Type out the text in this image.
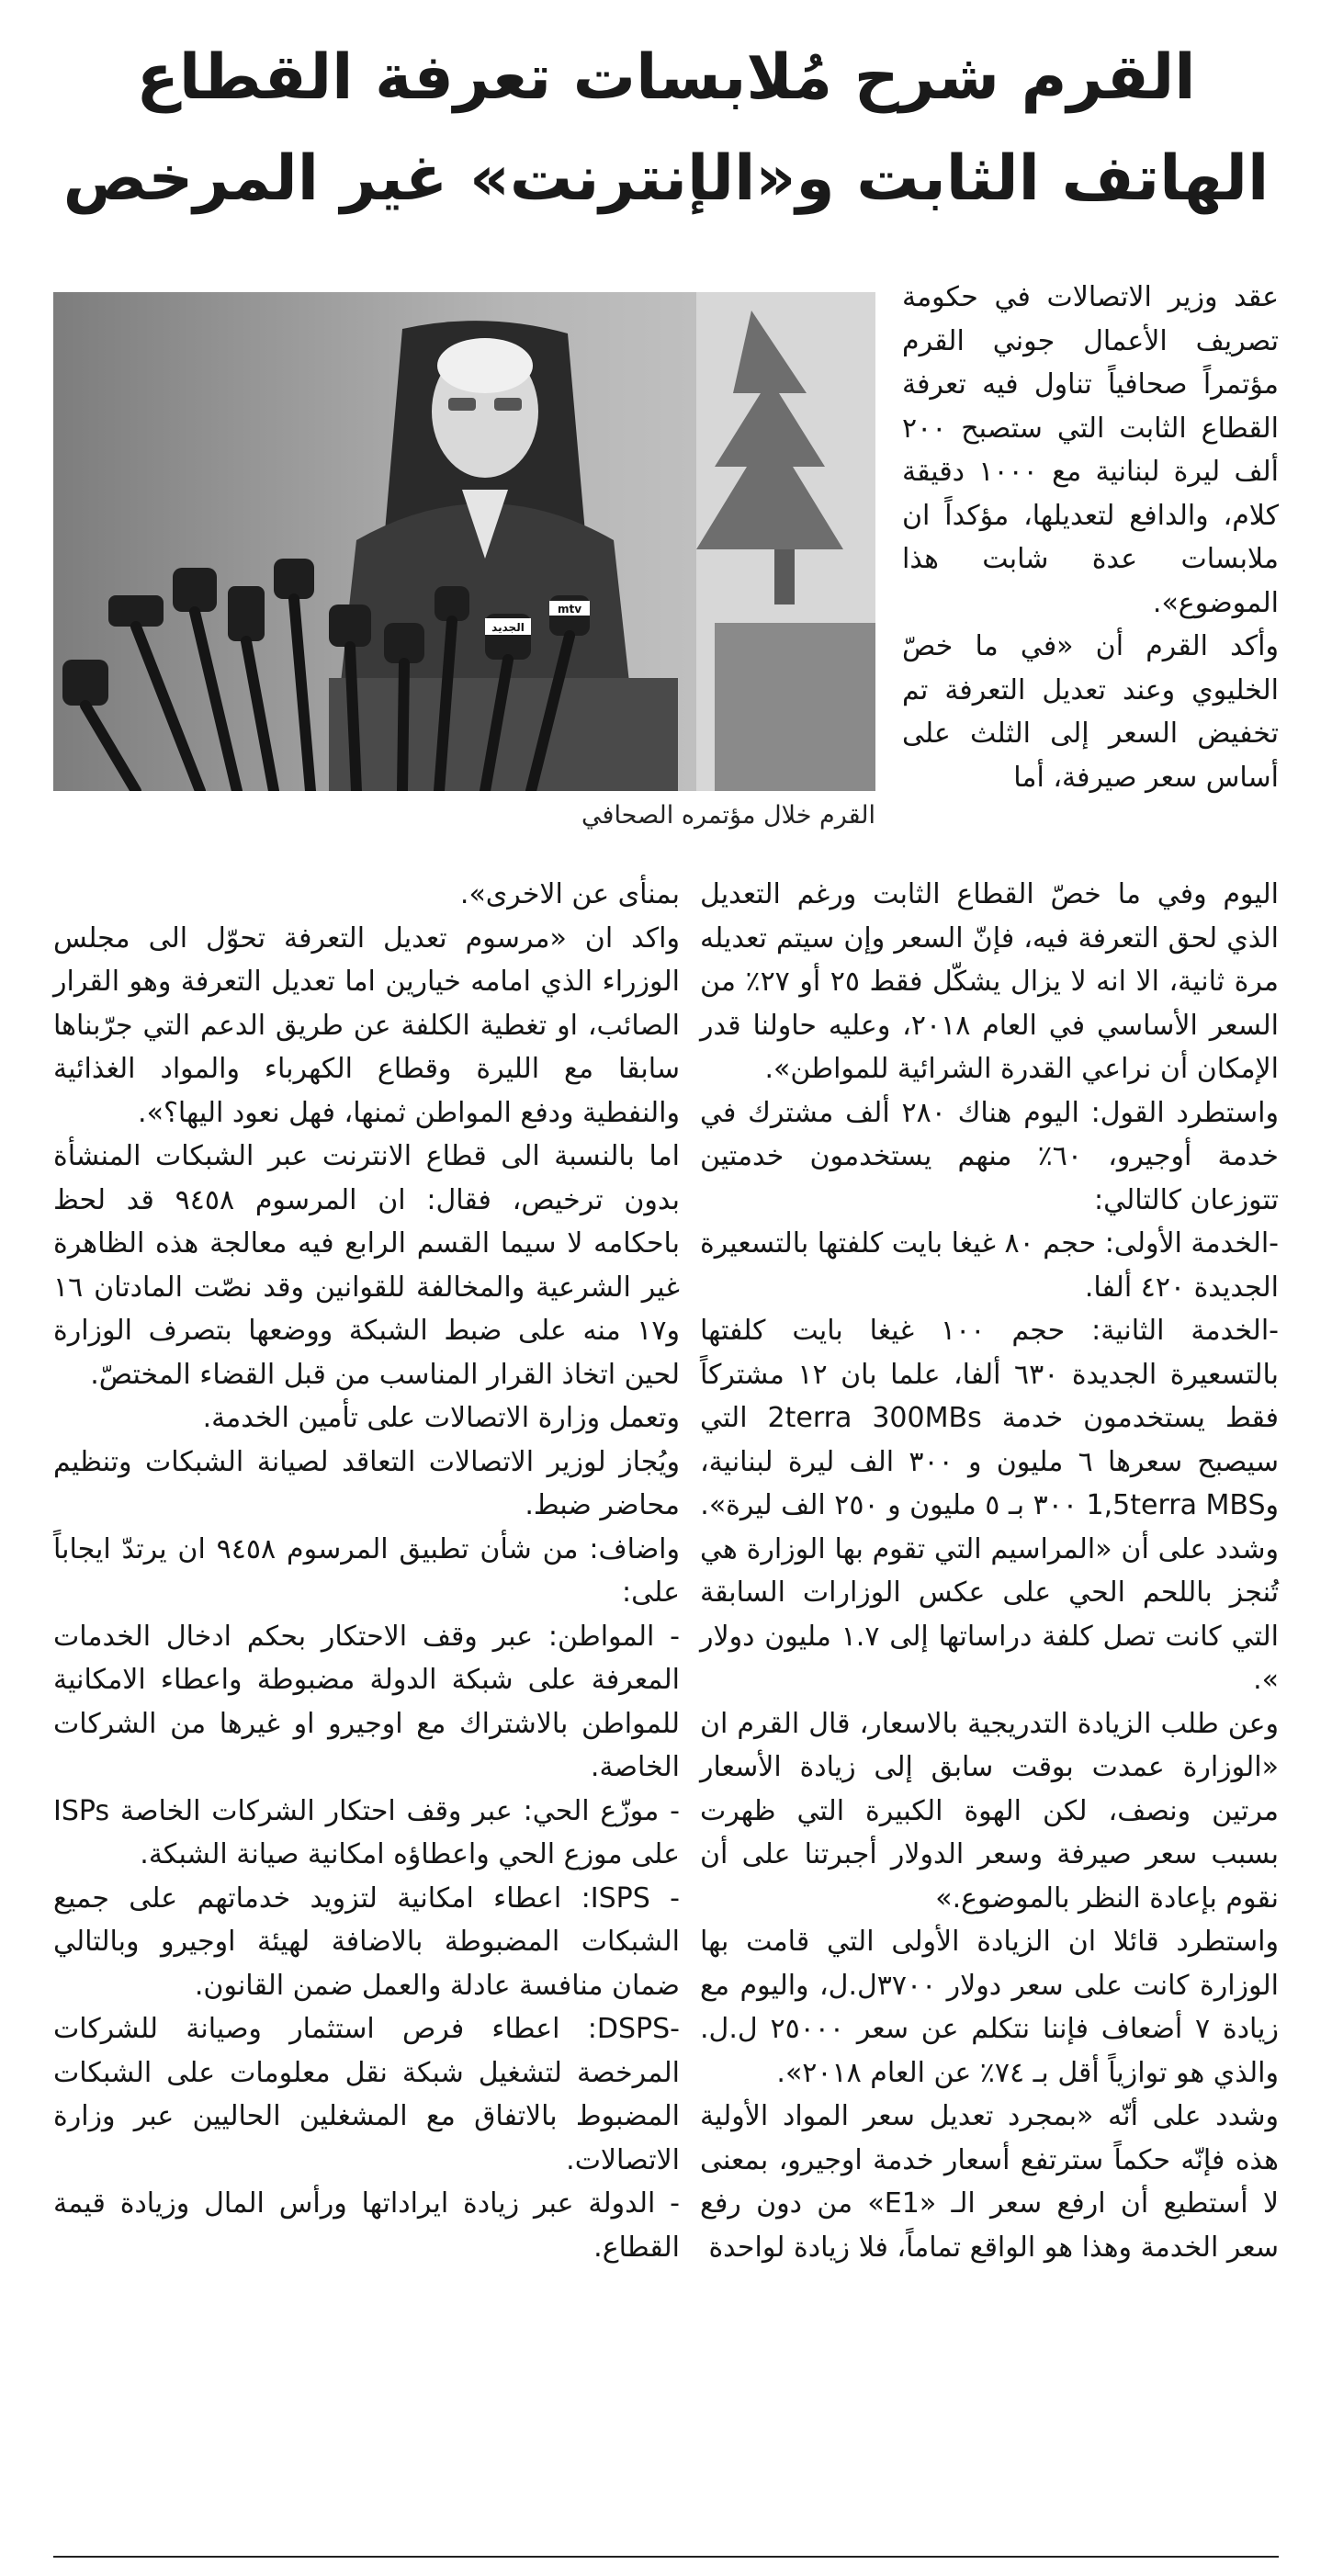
القرم شرح مُلابسات تعرفة القطاع
الهاتف الثابت و«الإنترنت» غير المرخص
الجديد
mtv
القرم خلال مؤتمره الصحافي

عقد وزير الاتصالات في حكومة تصريف الأعمال جوني القرم مؤتمراً صحافياً تناول فيه تعرفة القطاع الثابت التي ستصبح ٢٠٠ ألف ليرة لبنانية مع ١٠٠٠ دقيقة كلام، والدافع لتعديلها، مؤكداً ان ملابسات عدة شابت هذا الموضوع».
وأكد القرم أن «في ما خصّ الخليوي وعند تعديل التعرفة تم تخفيض السعر إلى الثلث على أساس سعر صيرفة، أما

اليوم وفي ما خصّ القطاع الثابت ورغم التعديل الذي لحق التعرفة فيه، فإنّ السعر وإن سيتم تعديله مرة ثانية، الا انه لا يزال يشكّل فقط ٢٥ أو ٢٧٪ من السعر الأساسي في العام ٢٠١٨، وعليه حاولنا قدر الإمكان أن نراعي القدرة الشرائية للمواطن».
واستطرد القول: اليوم هناك ٢٨٠ ألف مشترك في خدمة أوجيرو، ٦٠٪ منهم يستخدمون خدمتين تتوزعان كالتالي:
-الخدمة الأولى: حجم ٨٠ غيغا بايت كلفتها بالتسعيرة الجديدة ٤٢٠ ألفا.
-الخدمة الثانية: حجم ١٠٠ غيغا بايت كلفتها بالتسعيرة الجديدة ٦٣٠ ألفا، علما بان ١٢ مشتركاً فقط يستخدمون خدمة 2terra 300MBs التي سيصبح سعرها ٦ مليون و ٣٠٠ الف ليرة لبنانية، و1,5terra MBS ٣٠٠ بـ ٥ مليون و ٢٥٠ الف ليرة».
وشدد على أن «المراسيم التي تقوم بها الوزارة هي تُنجز باللحم الحي على عكس الوزارات السابقة التي كانت تصل كلفة دراساتها إلى ١.٧ مليون دولار ».
وعن طلب الزيادة التدريجية بالاسعار، قال القرم ان «الوزارة عمدت بوقت سابق إلى زيادة الأسعار مرتين ونصف، لكن الهوة الكبيرة التي ظهرت بسبب سعر صيرفة وسعر الدولار أجبرتنا على أن نقوم بإعادة النظر بالموضوع.»
واستطرد قائلا ان الزيادة الأولى التي قامت بها الوزارة كانت على سعر دولار ٣٧٠٠ل.ل، واليوم مع زيادة ٧ أضعاف فإننا نتكلم عن سعر ٢٥٠٠٠ ل.ل. والذي هو توازياً أقل بـ ٧٤٪ عن العام ٢٠١٨».
وشدد على أنّه «بمجرد تعديل سعر المواد الأولية هذه فإنّه حكماً سترتفع أسعار خدمة اوجيرو، بمعنى لا أستطيع أن ارفع سعر الـ «E1» من دون رفع سعر الخدمة وهذا هو الواقع تماماً، فلا زيادة لواحدة

بمنأى عن الاخرى».
واكد ان «مرسوم تعديل التعرفة تحوّل الى مجلس الوزراء الذي امامه خيارين اما تعديل التعرفة وهو القرار الصائب، او تغطية الكلفة عن طريق الدعم التي جرّبناها سابقا مع الليرة وقطاع الكهرباء والمواد الغذائية والنفطية ودفع المواطن ثمنها، فهل نعود اليها؟».
اما بالنسبة الى قطاع الانترنت عبر الشبكات المنشأة بدون ترخيص، فقال: ان المرسوم ٩٤٥٨ قد لحظ باحكامه لا سيما القسم الرابع فيه معالجة هذه الظاهرة غير الشرعية والمخالفة للقوانين وقد نصّت المادتان ١٦ و١٧ منه على ضبط الشبكة ووضعها بتصرف الوزارة لحين اتخاذ القرار المناسب من قبل القضاء المختصّ.
وتعمل وزارة الاتصالات على تأمين الخدمة.
ويُجاز لوزير الاتصالات التعاقد لصيانة الشبكات وتنظيم محاضر ضبط.
واضاف: من شأن تطبيق المرسوم ٩٤٥٨ ان يرتدّ ايجاباً على:
- المواطن: عبر وقف الاحتكار بحكم ادخال الخدمات المعرفة على شبكة الدولة مضبوطة واعطاء الامكانية للمواطن بالاشتراك مع اوجيرو او غيرها من الشركات الخاصة.
- موزّع الحي: عبر وقف احتكار الشركات الخاصة ISPs على موزع الحي واعطاؤه امكانية صيانة الشبكة.
- ISPS: اعطاء امكانية لتزويد خدماتهم على جميع الشبكات المضبوطة بالاضافة لهيئة اوجيرو وبالتالي ضمان منافسة عادلة والعمل ضمن القانون.
-DSPS: اعطاء فرص استثمار وصيانة للشركات المرخصة لتشغيل شبكة نقل معلومات على الشبكات المضبوط بالاتفاق مع المشغلين الحاليين عبر وزارة الاتصالات.
- الدولة عبر زيادة ايراداتها ورأس المال وزيادة قيمة القطاع.
